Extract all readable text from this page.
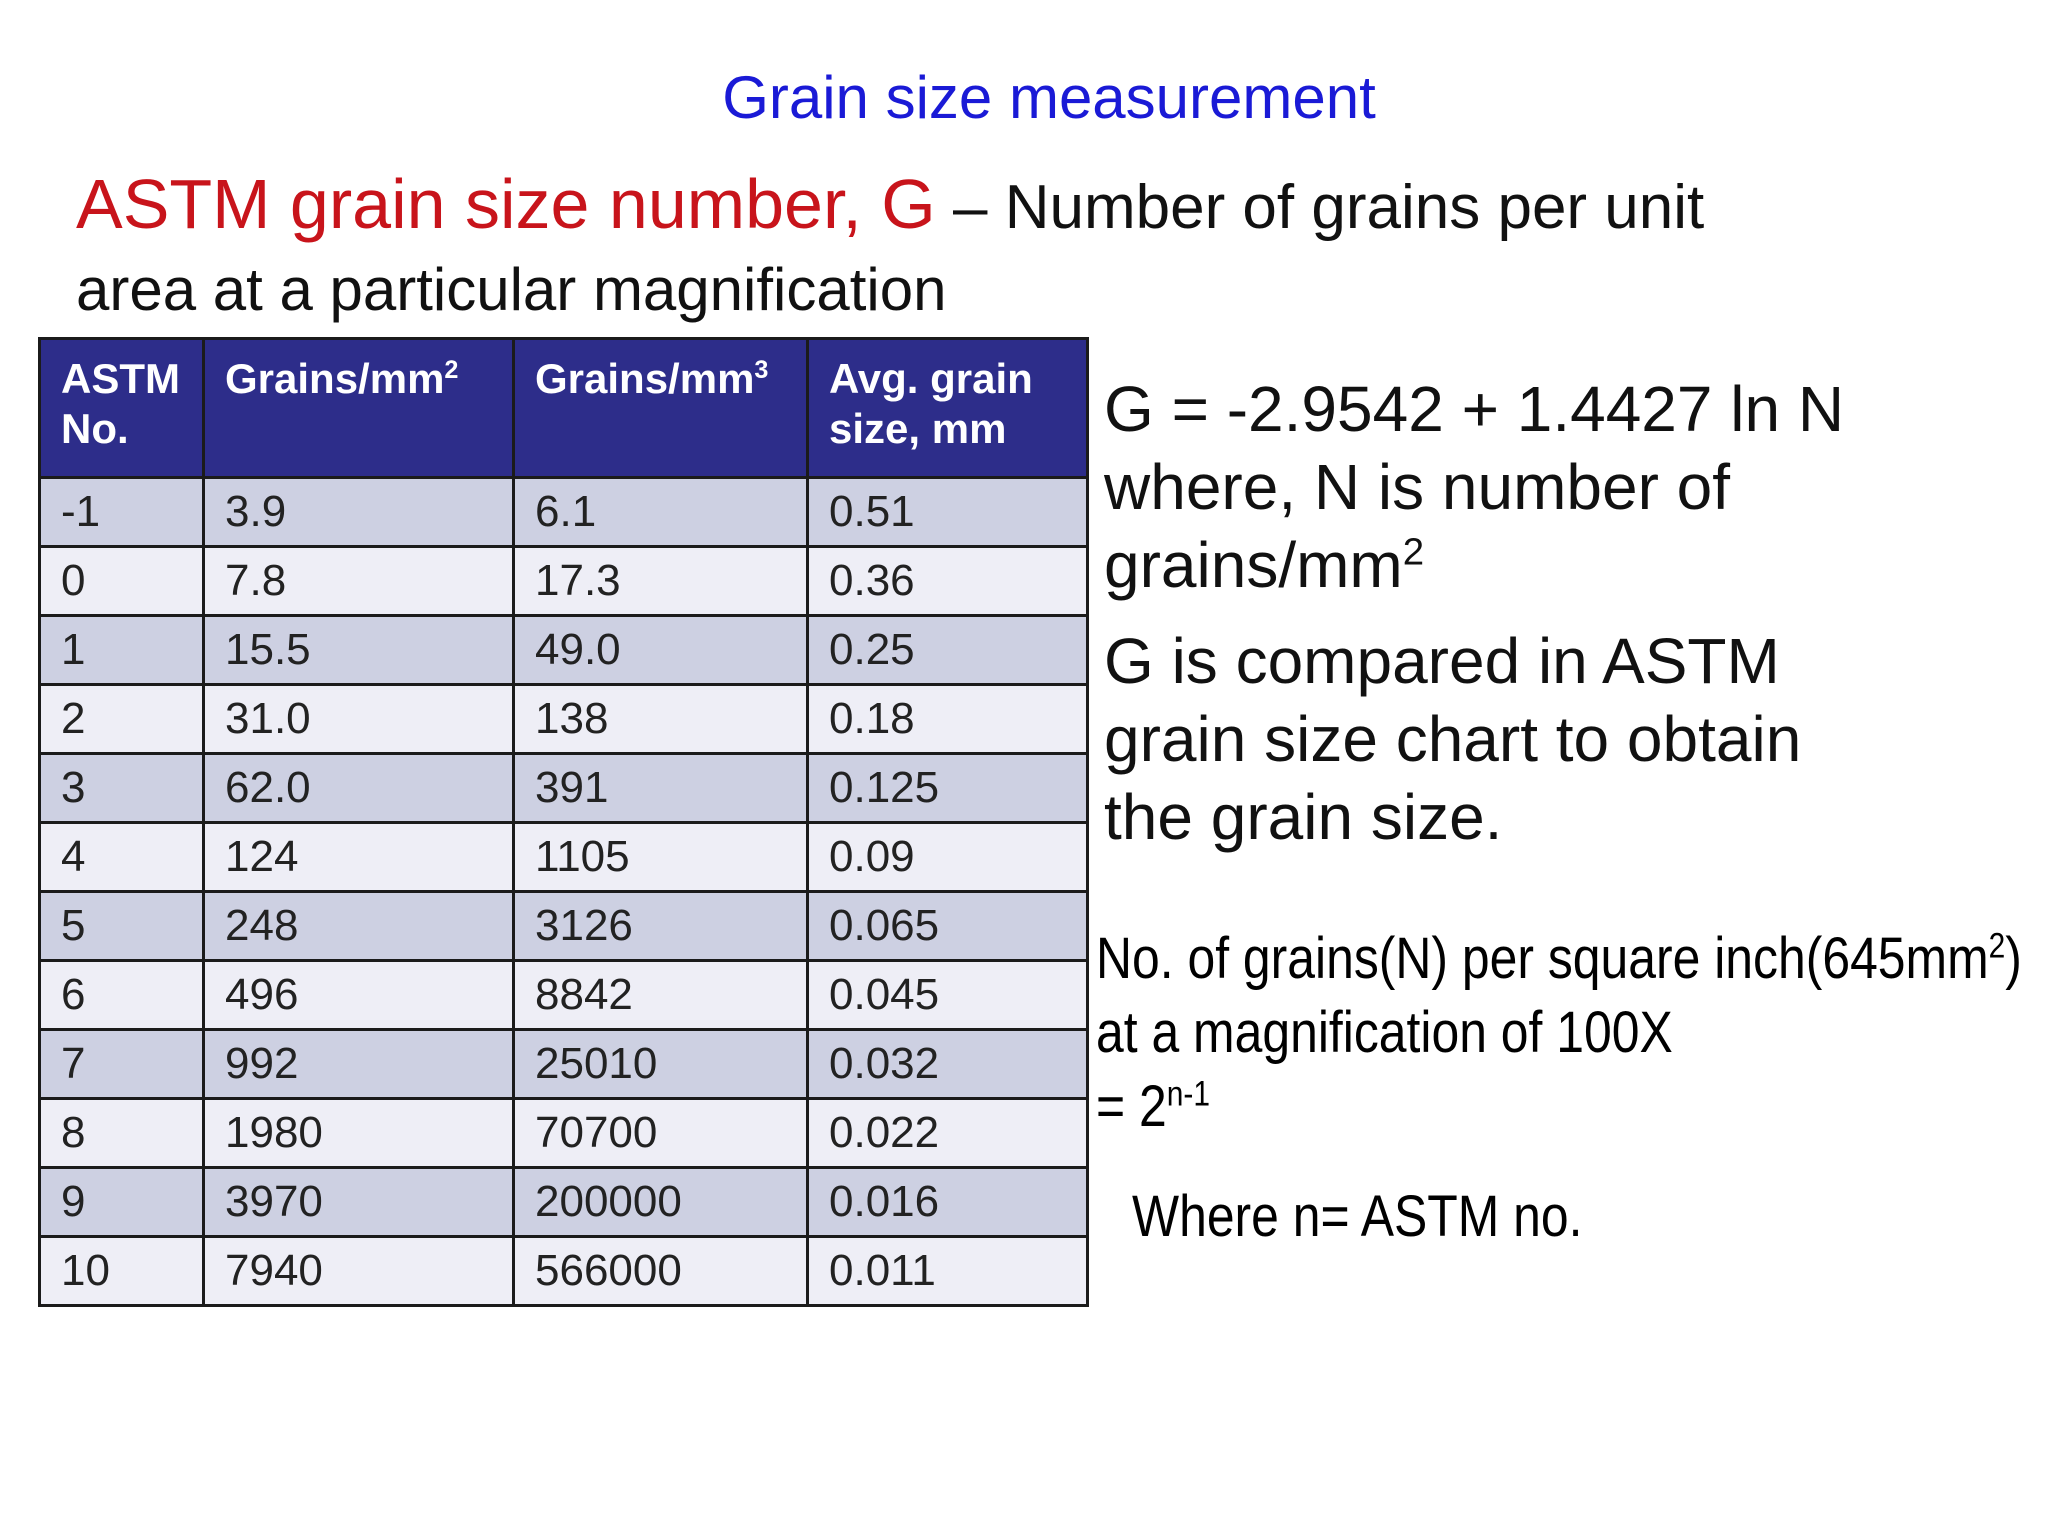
Grain size measurement
ASTM grain size number, G – Number of grains per unit
area at a particular magnification
ASTM
No.	Grains/$mm^2$	Grains/$mm^3$	Avg. grain
size, mm
-1	3.9	6.1	0.51
0	7.8	17.3	0.36
1	15.5	49.0	0.25
2	31.0	138	0.18
3	62.0	391	0.125
4	124	1105	0.09
5	248	3126	0.065
6	496	8842	0.045
7	992	25010	0.032
8	1980	70700	0.022
9	3970	200000	0.016
10	7940	566000	0.011
G = -2.9542 + 1.4427 ln N
where, N is number of
grains/$mm^2$
G is compared in ASTM
grain size chart to obtain
the grain size.
No. of grains(N) per square $inch(645mm^2)$
at a magnification of 100X
= $2^{n-1}$
Where n= ASTM no.
